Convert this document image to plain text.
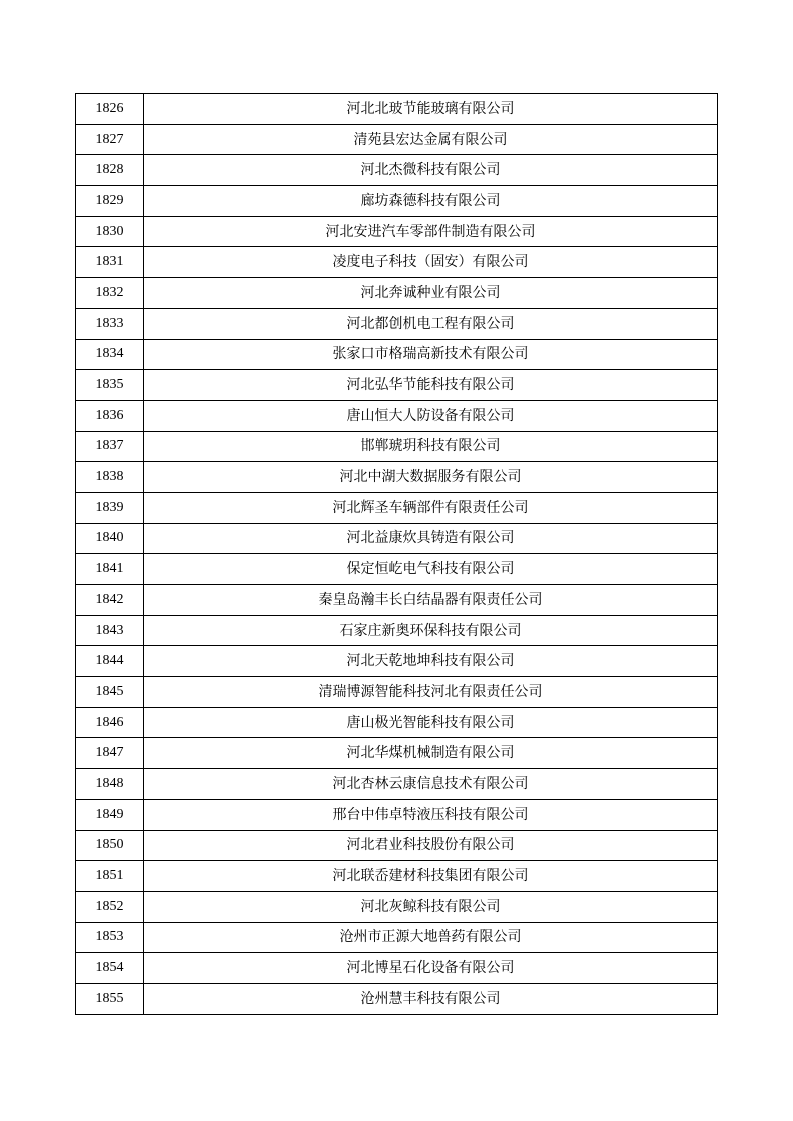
1826	河北北玻节能玻璃有限公司
1827	清苑县宏达金属有限公司
1828	河北杰微科技有限公司
1829	廊坊森德科技有限公司
1830	河北安进汽车零部件制造有限公司
1831	凌度电子科技（固安）有限公司
1832	河北奔诚种业有限公司
1833	河北都创机电工程有限公司
1834	张家口市格瑞高新技术有限公司
1835	河北弘华节能科技有限公司
1836	唐山恒大人防设备有限公司
1837	邯郸琥玥科技有限公司
1838	河北中湖大数据服务有限公司
1839	河北辉圣车辆部件有限责任公司
1840	河北益康炊具铸造有限公司
1841	保定恒屹电气科技有限公司
1842	秦皇岛瀚丰长白结晶器有限责任公司
1843	石家庄新奥环保科技有限公司
1844	河北天乾地坤科技有限公司
1845	清瑞博源智能科技河北有限责任公司
1846	唐山极光智能科技有限公司
1847	河北华煤机械制造有限公司
1848	河北杏林云康信息技术有限公司
1849	邢台中伟卓特液压科技有限公司
1850	河北君业科技股份有限公司
1851	河北联岙建材科技集团有限公司
1852	河北灰鲸科技有限公司
1853	沧州市正源大地兽药有限公司
1854	河北博星石化设备有限公司
1855	沧州慧丰科技有限公司
